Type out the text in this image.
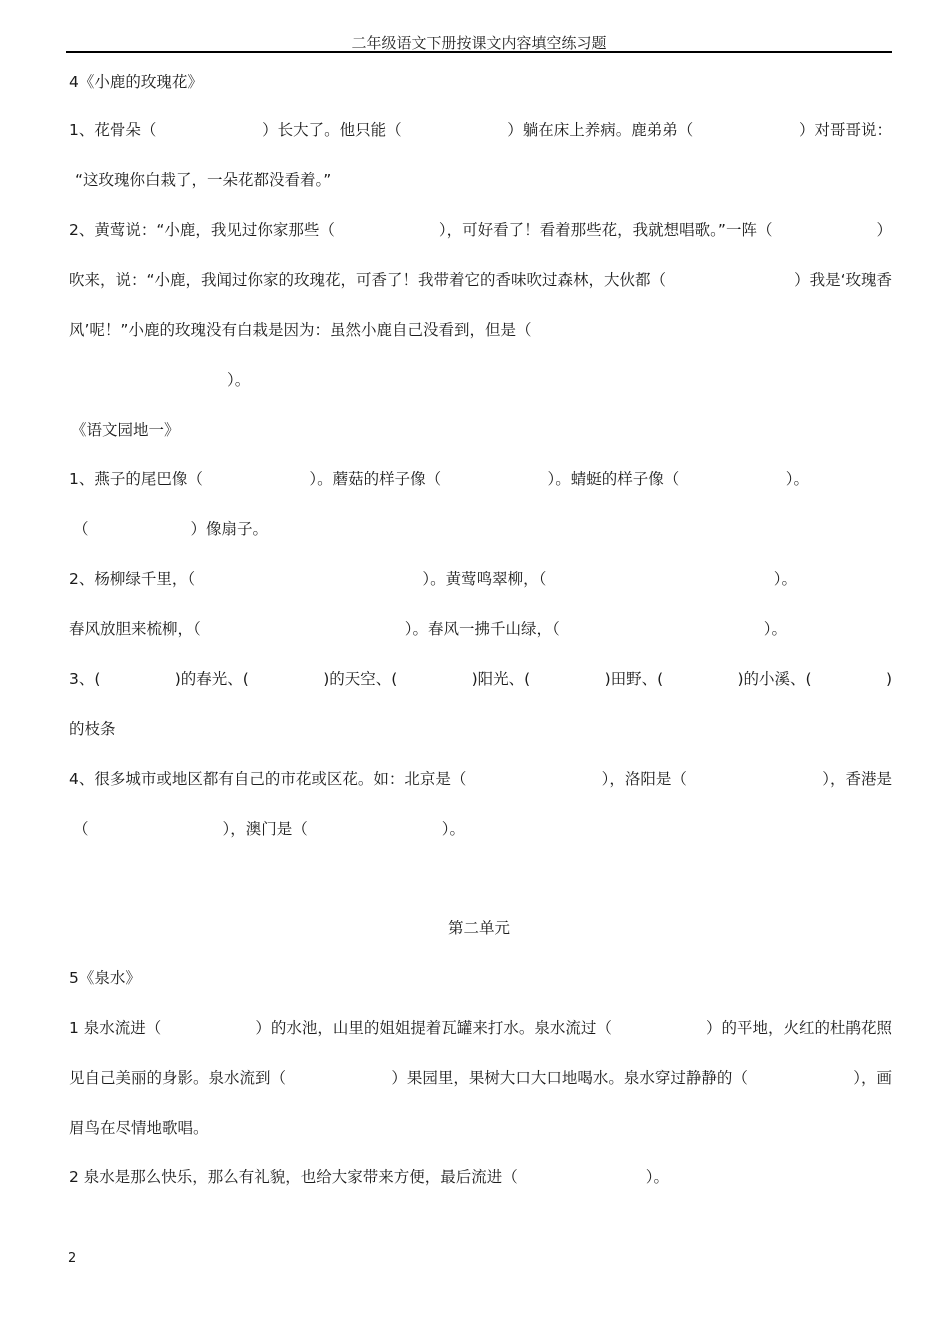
二年级语文下册按课文内容填空练习题
4《小鹿的玫瑰花》
1、花骨朵（	）长大了。他只能（	）躺在床上养病。鹿弟弟（	）对哥哥说：
“这玫瑰你白栽了，一朵花都没看着。”
2、黄莺说：“小鹿，我见过你家那些（	），可好看了！看着那些花，我就想唱歌。”一阵（	）
吹来，说：“小鹿，我闻过你家的玫瑰花，可香了！我带着它的香味吹过森林，大伙都（	）我是‘玫瑰香
风’呢！”小鹿的玫瑰没有白栽是因为：虽然小鹿自己没看到，但是（
）。
《语文园地一》
1、燕子的尾巴像（	）。蘑菇的样子像（	）。蜻蜓的样子像（	）。
（	）像扇子。
2、杨柳绿千里，（	）。黄莺鸣翠柳，（	）。
春风放胆来梳柳，（	）。春风一拂千山绿，（	）。
3、(	)的春光、(	)的天空、(	)阳光、(	)田野、(	)的小溪、(	)
的枝条
4、很多城市或地区都有自己的市花或区花。如：北京是（	），洛阳是（	），香港是
（	），澳门是（	）。
第二单元
5《泉水》
1 泉水流进（	）的水池，山里的姐姐提着瓦罐来打水。泉水流过（	）的平地，火红的杜鹃花照
见自己美丽的身影。泉水流到（	）果园里，果树大口大口地喝水。泉水穿过静静的（	），画
眉鸟在尽情地歌唱。
2 泉水是那么快乐，那么有礼貌，也给大家带来方便，最后流进（	）。
2
